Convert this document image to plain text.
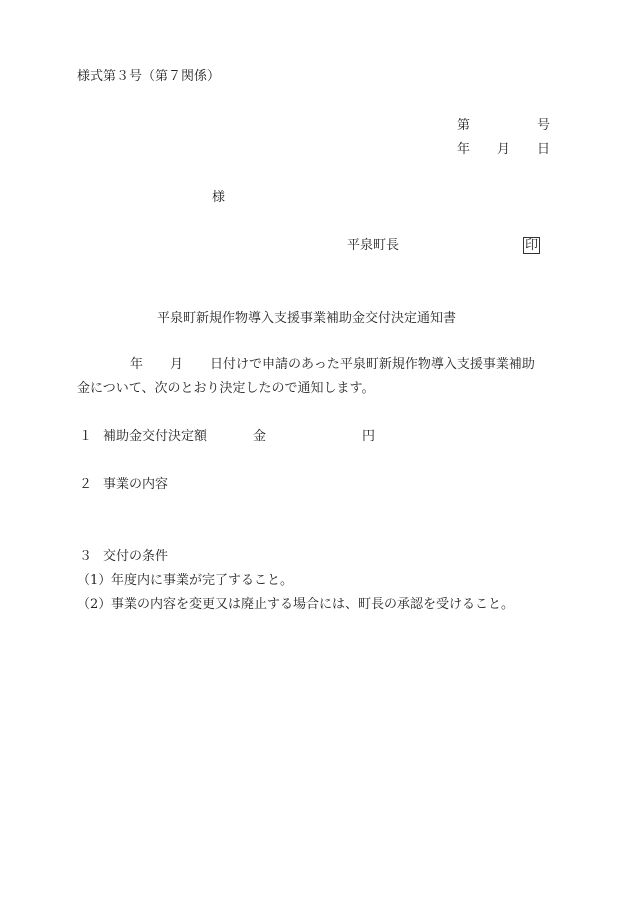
様式第３号（第７関係）
第	号
年 月 日
様
平泉町長	印
平泉町新規作物導入支援事業補助金交付決定通知書
年 月 日付けで申請のあった平泉町新規作物導入支援事業補助
金について、次のとおり決定したので通知します。
１ 補助金交付決定額	金	円
２ 事業の内容
３ 交付の条件
（1） 年度内に事業が完了すること。
（2） 事業の内容を変更又は廃止する場合には、町長の承認を受けること。
